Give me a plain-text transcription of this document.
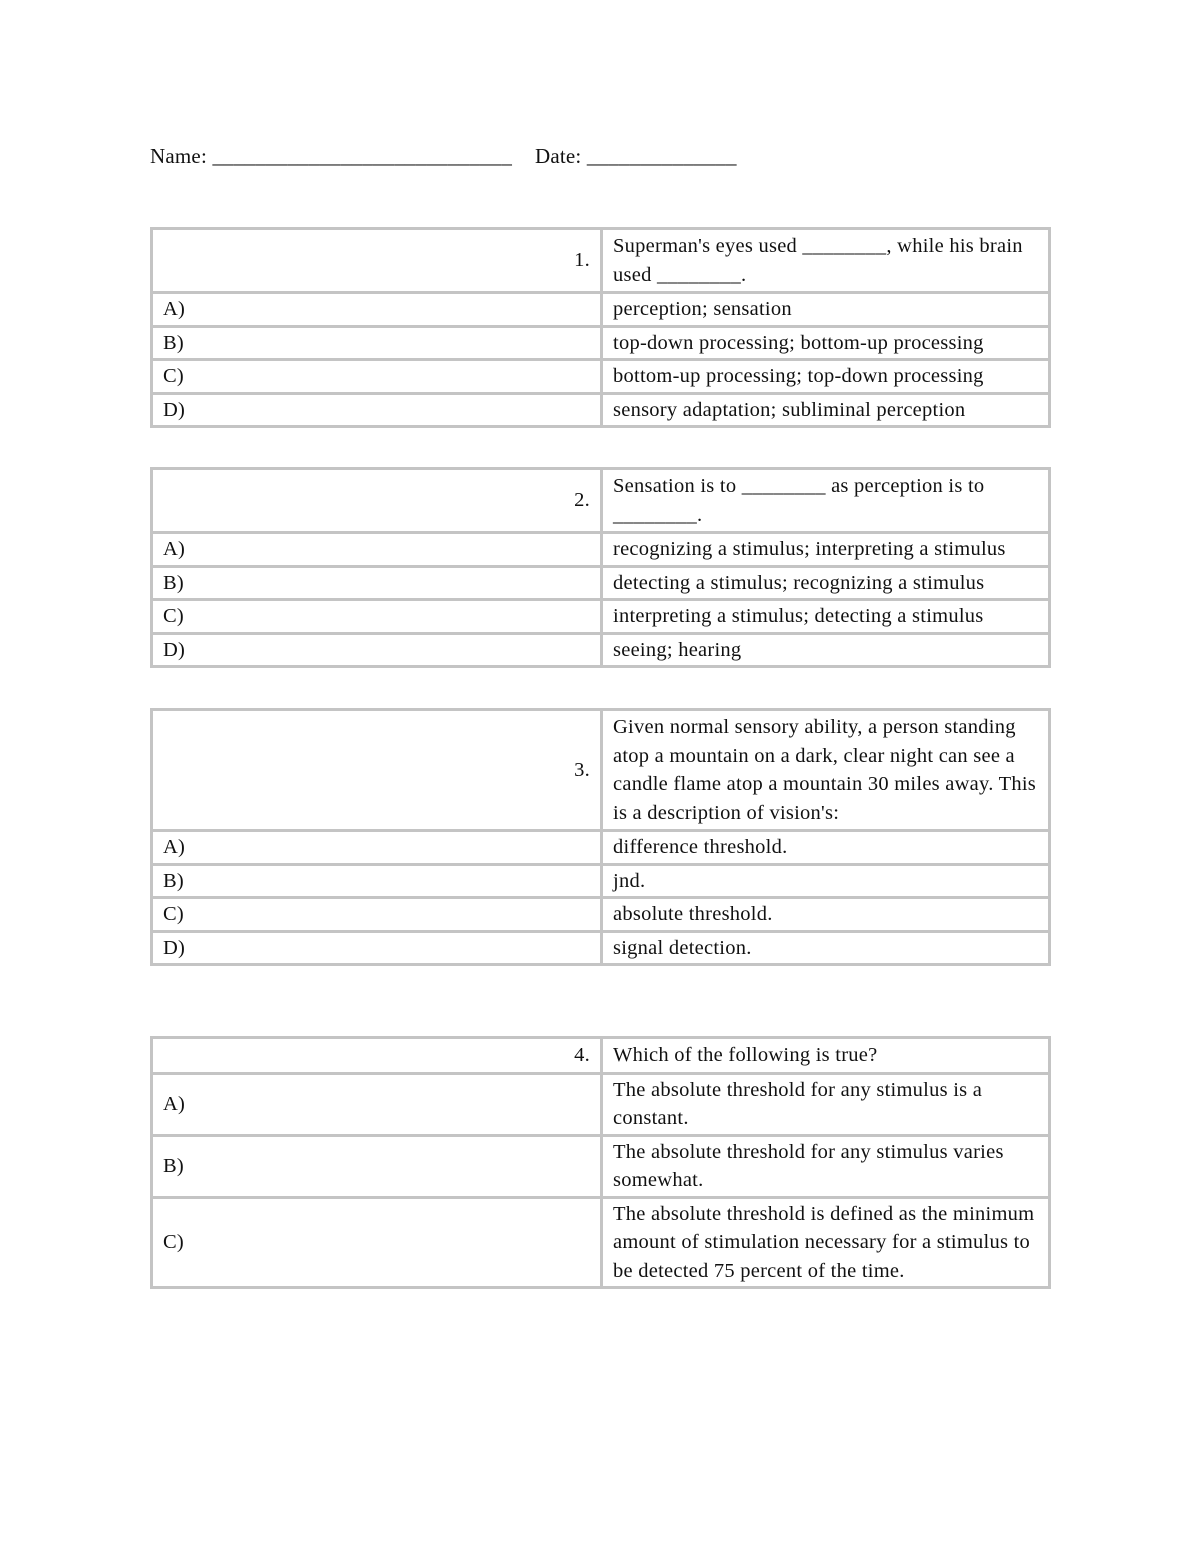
Name: ____________________________ Date: ______________
1.	Superman's eyes used ________, while his brain used ________.
A)	perception; sensation
B)	top-down processing; bottom-up processing
C)	bottom-up processing; top-down processing
D)	sensory adaptation; subliminal perception
2.	Sensation is to ________ as perception is to ________.
A)	recognizing a stimulus; interpreting a stimulus
B)	detecting a stimulus; recognizing a stimulus
C)	interpreting a stimulus; detecting a stimulus
D)	seeing; hearing
3.	Given normal sensory ability, a person standing atop a mountain on a dark, clear night can see a candle flame atop a mountain 30 miles away. This is a description of vision's:
A)	difference threshold.
B)	jnd.
C)	absolute threshold.
D)	signal detection.
4.	Which of the following is true?
A)	The absolute threshold for any stimulus is a constant.
B)	The absolute threshold for any stimulus varies somewhat.
C)	The absolute threshold is defined as the minimum amount of stimulation necessary for a stimulus to be detected 75 percent of the time.
